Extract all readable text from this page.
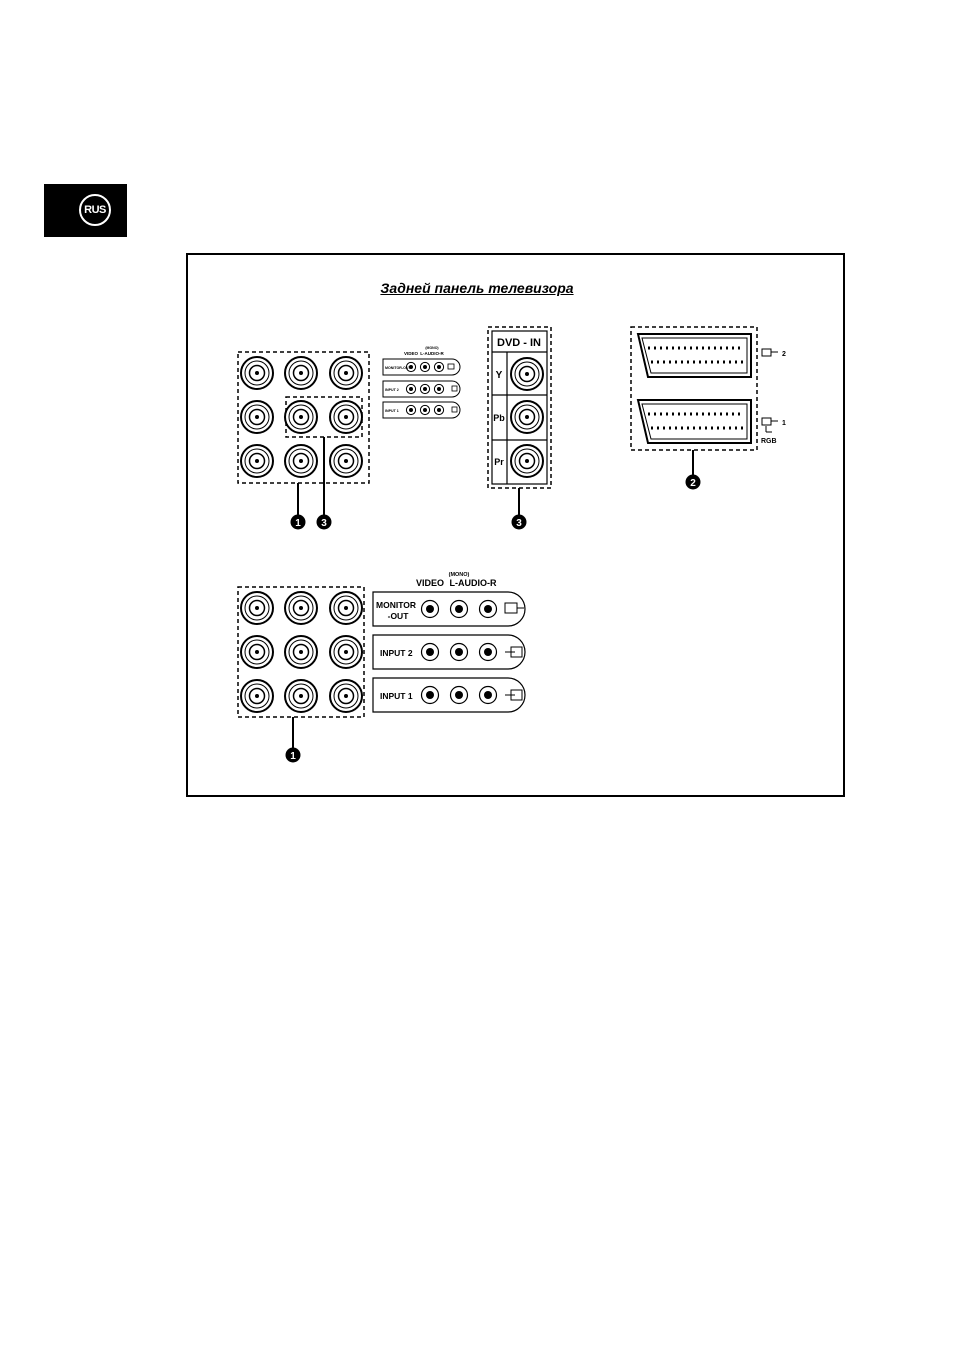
RUS
Задней панель телевизора
1 3
VIDEO
(MONO)
L-AUDIO-R
MONITOR-OUT
INPUT 2
INPUT 1
DVD - IN
Y
Pb
Pr
3
2
1
RGB
2
1
VIDEO
(MONO)
L-AUDIO-R
MONITOR
-OUT
INPUT 2
INPUT 1
